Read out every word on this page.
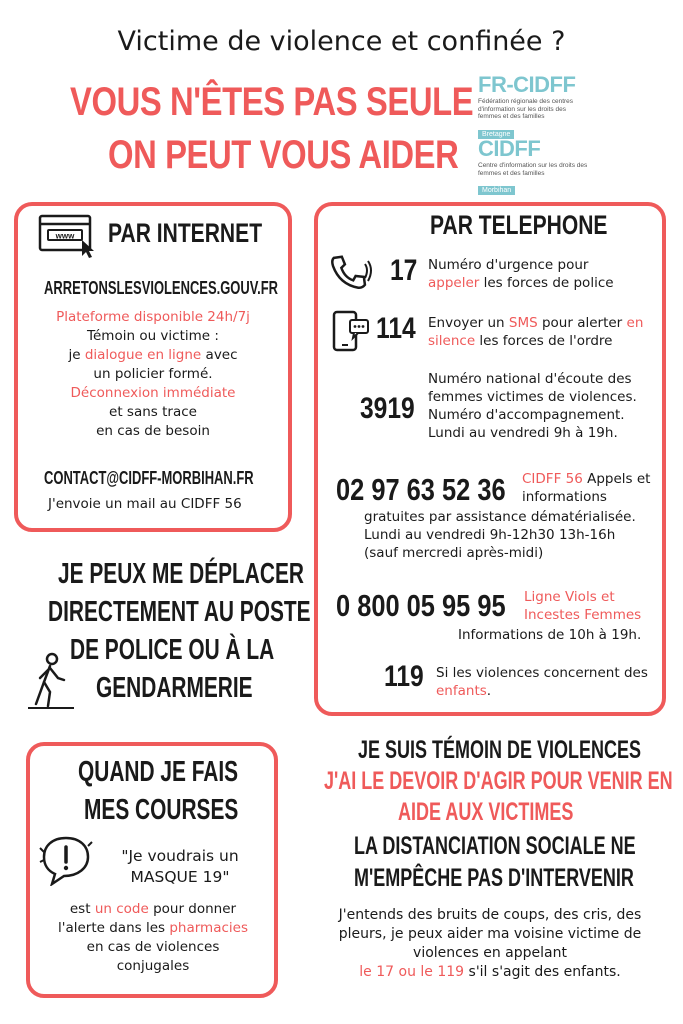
Victime de violence et confinée ?
VOUS N'ÊTES PAS SEULE
ON PEUT VOUS AIDER
FR-CIDFF
Fédération régionale des centres d'information sur les droits des femmes et des familles
Bretagne
CIDFF
Centre d'information sur les droits des femmes et des familles
Morbihan
www PAR INTERNET
ARRETONSLESVIOLENCES.GOUV.FR
Plateforme disponible 24h/7j
Témoin ou victime :
je dialogue en ligne avec
un policier formé.
Déconnexion immédiate
et sans trace
en cas de besoin
CONTACT@CIDFF-MORBIHAN.FR
J'envoie un mail au CIDFF 56
JE PEUX ME DÉPLACER
DIRECTEMENT AU POSTE
DE POLICE OU À LA
GENDARMERIE
PAR TELEPHONE
17 Numéro d'urgence pour
appeler les forces de police
114 Envoyer un SMS pour alerter en
silence les forces de l'ordre
3919
Numéro national d'écoute des
femmes victimes de violences.
Numéro d'accompagnement.
Lundi au vendredi 9h à 19h.
02 97 63 52 36 CIDFF 56 Appels et
informations
gratuites par assistance dématérialisée.
Lundi au vendredi 9h-12h30 13h-16h
(sauf mercredi après-midi)
0 800 05 95 95 Ligne Viols et
Incestes Femmes
Informations de 10h à 19h.
119 Si les violences concernent des
enfants.
QUAND JE FAIS
MES COURSES
"Je voudrais un
MASQUE 19"
est un code pour donner
l'alerte dans les pharmacies
en cas de violences
conjugales
JE SUIS TÉMOIN DE VIOLENCES
J'AI LE DEVOIR D'AGIR POUR VENIR EN
AIDE AUX VICTIMES
LA DISTANCIATION SOCIALE NE
M'EMPÊCHE PAS D'INTERVENIR
J'entends des bruits de coups, des cris, des
pleurs, je peux aider ma voisine victime de
violences en appelant
le 17 ou le 119 s'il s'agit des enfants.
